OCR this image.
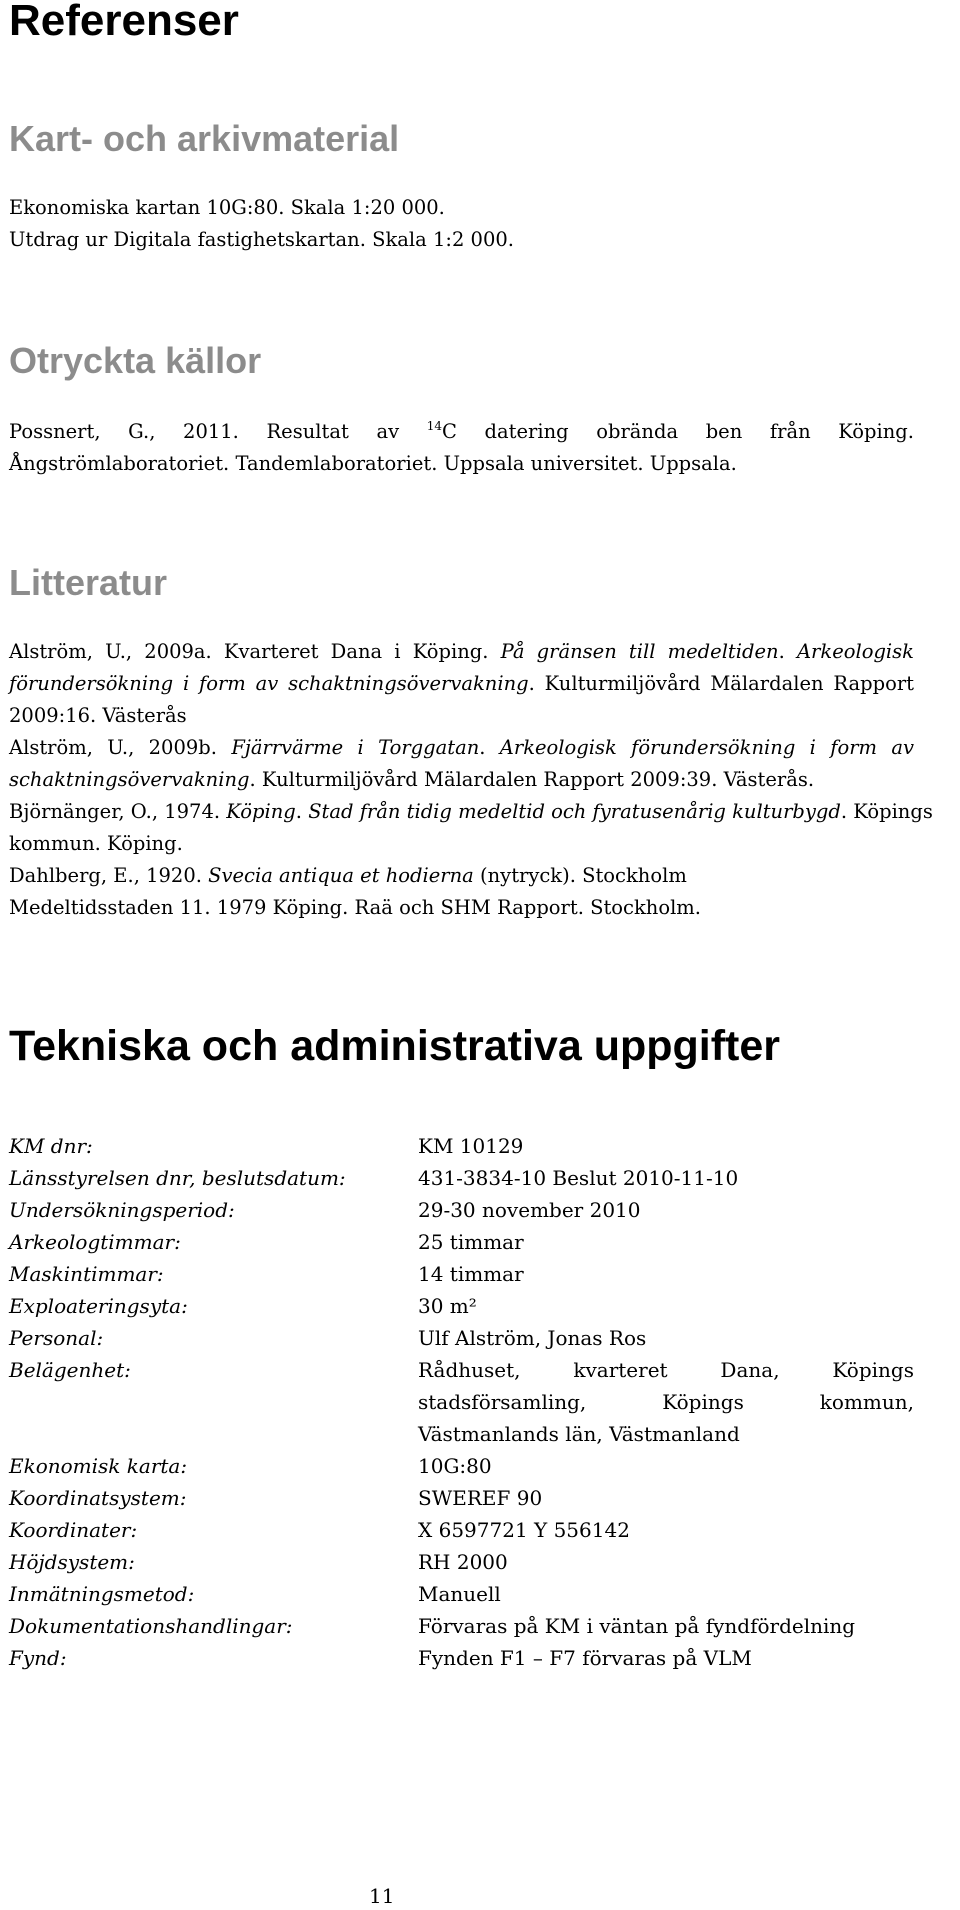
Referenser
Kart- och arkivmaterial
Ekonomiska kartan 10G:80. Skala 1:20 000.
Utdrag ur Digitala fastighetskartan. Skala 1:2 000.
Otryckta källor
Possnert, G., 2011. Resultat av $^{14}$C datering obrända ben från Köping.
Ångströmlaboratoriet. Tandemlaboratoriet. Uppsala universitet. Uppsala.
Litteratur
Alström, U., 2009a. Kvarteret Dana i Köping. På gränsen till medeltiden. Arkeologisk
förundersökning i form av schaktningsövervakning. Kulturmiljövård Mälardalen Rapport
2009:16. Västerås
Alström, U., 2009b. Fjärrvärme i Torggatan. Arkeologisk förundersökning i form av
schaktningsövervakning. Kulturmiljövård Mälardalen Rapport 2009:39. Västerås.
Björnänger, O., 1974. Köping. Stad från tidig medeltid och fyratusenårig kulturbygd. Köpings
kommun. Köping.
Dahlberg, E., 1920. Svecia antiqua et hodierna (nytryck). Stockholm
Medeltidsstaden 11. 1979 Köping. Raä och SHM Rapport. Stockholm.
Tekniska och administrativa uppgifter
KM dnr:	KM 10129
Länsstyrelsen dnr, beslutsdatum:	431-3834-10 Beslut 2010-11-10
Undersökningsperiod:	29-30 november 2010
Arkeologtimmar:	25 timmar
Maskintimmar:	14 timmar
Exploateringsyta:	30 m²
Personal:	Ulf Alström, Jonas Ros
Belägenhet:	Rådhuset, kvarteret Dana, Köpings stadsförsamling, Köpings kommun, Västmanlands län, Västmanland
Ekonomisk karta:	10G:80
Koordinatsystem:	SWEREF 90
Koordinater:	X 6597721 Y 556142
Höjdsystem:	RH 2000
Inmätningsmetod:	Manuell
Dokumentationshandlingar:	Förvaras på KM i väntan på fyndfördelning
Fynd:	Fynden F1 – F7 förvaras på VLM
11
